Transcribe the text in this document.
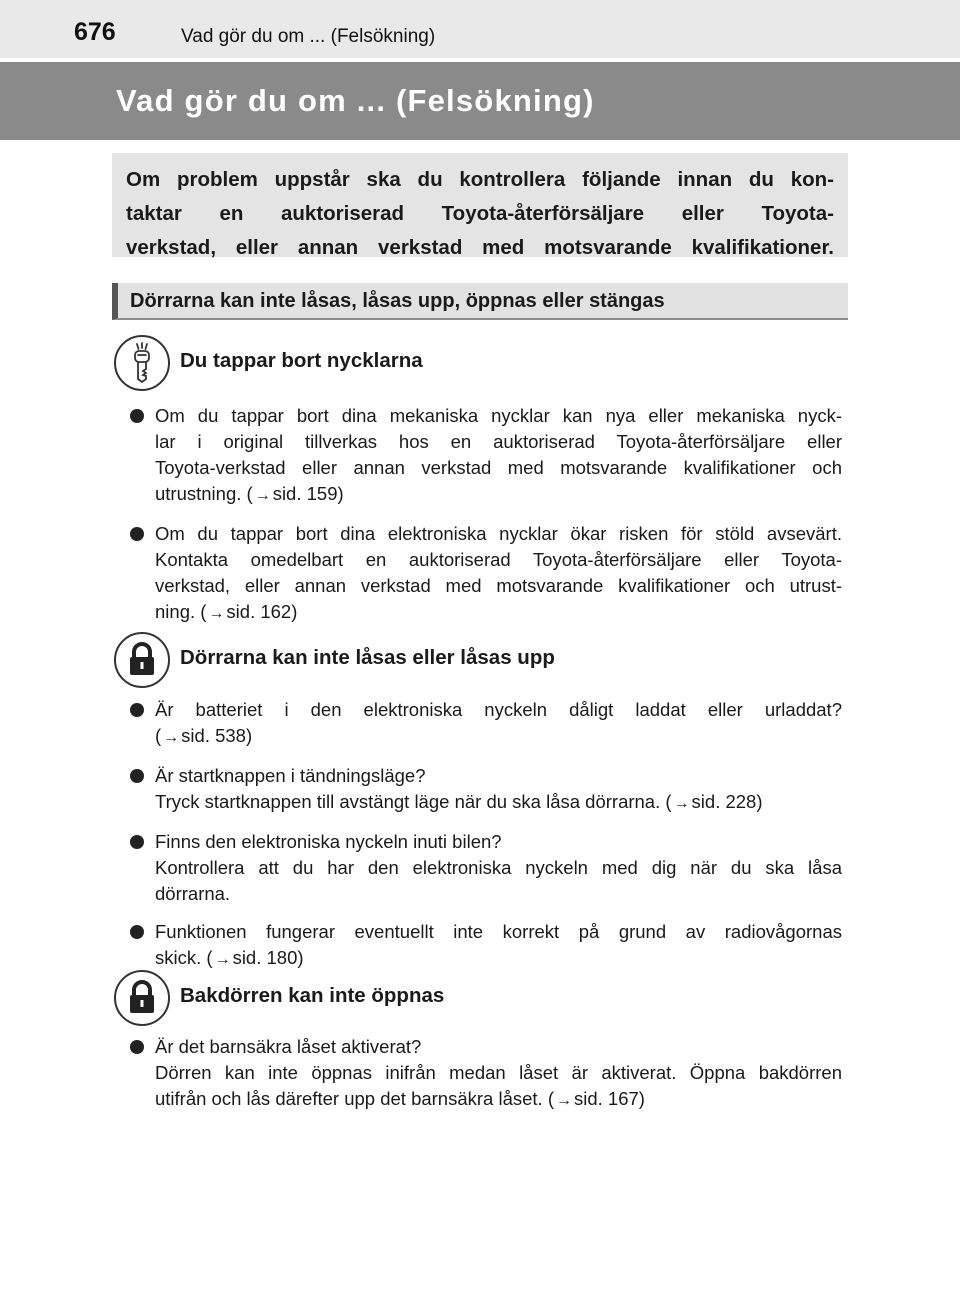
676	Vad gör du om ... (Felsökning)
Vad gör du om ... (Felsökning)

Om problem uppstår ska du kontrollera följande innan du kon-
taktar en auktoriserad Toyota-återförsäljare eller Toyota-
verkstad, eller annan verkstad med motsvarande kvalifikationer.

Dörrarna kan inte låsas, låsas upp, öppnas eller stängas
Du tappar bort nycklarna
Om du tappar bort dina mekaniska nycklar kan nya eller mekaniska nyck-
lar i original tillverkas hos en auktoriserad Toyota-återförsäljare eller
Toyota-verkstad eller annan verkstad med motsvarande kvalifikationer och
utrustning. ( → sid. 159)
Om du tappar bort dina elektroniska nycklar ökar risken för stöld avsevärt.
Kontakta omedelbart en auktoriserad Toyota-återförsäljare eller Toyota-
verkstad, eller annan verkstad med motsvarande kvalifikationer och utrust-
ning. ( → sid. 162)
Dörrarna kan inte låsas eller låsas upp
Är batteriet i den elektroniska nyckeln dåligt laddat eller urladdat?
( → sid. 538)
Är startknappen i tändningsläge?
Tryck startknappen till avstängt läge när du ska låsa dörrarna. ( → sid. 228)
Finns den elektroniska nyckeln inuti bilen?
Kontrollera att du har den elektroniska nyckeln med dig när du ska låsa
dörrarna.
Funktionen fungerar eventuellt inte korrekt på grund av radiovågornas
skick. ( → sid. 180)
Bakdörren kan inte öppnas
Är det barnsäkra låset aktiverat?
Dörren kan inte öppnas inifrån medan låset är aktiverat. Öppna bakdörren
utifrån och lås därefter upp det barnsäkra låset. ( → sid. 167)
